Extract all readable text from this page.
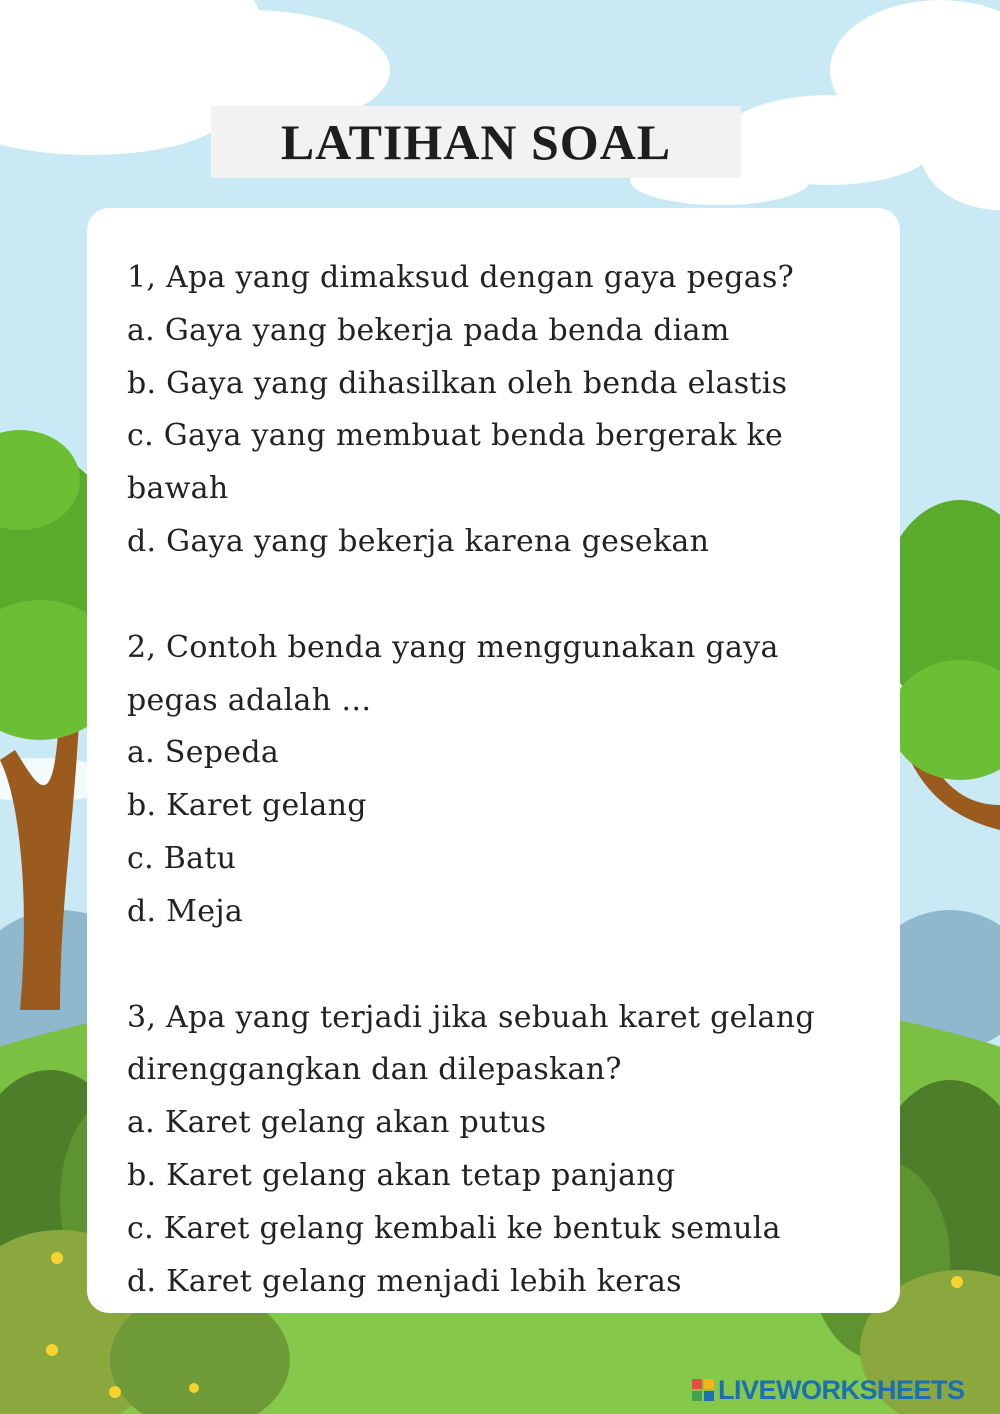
LATIHAN SOAL
1, Apa yang dimaksud dengan gaya pegas?
a. Gaya yang bekerja pada benda diam
b. Gaya yang dihasilkan oleh benda elastis
c. Gaya yang membuat benda bergerak ke bawah
d. Gaya yang bekerja karena gesekan
2, Contoh benda yang menggunakan gaya pegas adalah …
a. Sepeda
b. Karet gelang
c. Batu
d. Meja
3, Apa yang terjadi jika sebuah karet gelang direnggangkan dan dilepaskan?
a. Karet gelang akan putus
b. Karet gelang akan tetap panjang
c. Karet gelang kembali ke bentuk semula
d. Karet gelang menjadi lebih keras
LIVEWORKSHEETS
